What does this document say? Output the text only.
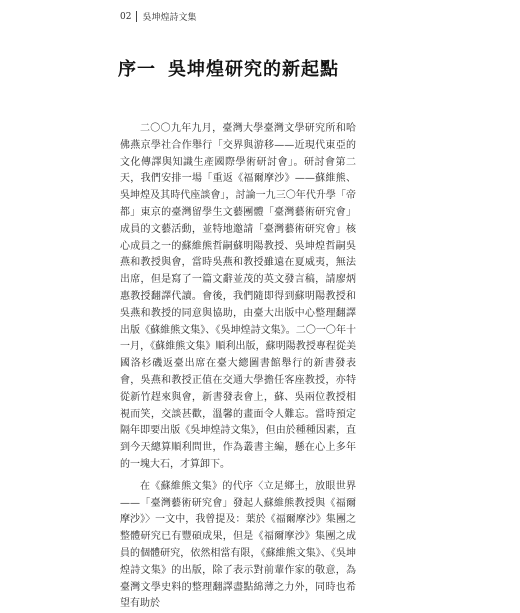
02 吳坤煌詩文集
序一 吳坤煌研究的新起點

二〇〇九年九月，臺灣大學臺灣文學研究所和哈佛燕京學社合作舉行「交界與游移——近現代東亞的文化傳譯與知識生產國際學術研討會」。研討會第二天，我們安排一場「重返《福爾摩沙》——蘇維熊、吳坤煌及其時代座談會」，討論一九三〇年代升學「帝都」東京的臺灣留學生文藝團體「臺灣藝術研究會」成員的文藝活動，並特地邀請「臺灣藝術研究會」核心成員之一的蘇維熊哲嗣蘇明陽教授、吳坤煌哲嗣吳燕和教授與會，當時吳燕和教授雖遠在夏威夷，無法出席，但是寫了一篇文辭並茂的英文發言稿，請廖炳惠教授翻譯代讀。會後，我們隨即得到蘇明陽教授和吳燕和教授的同意與協助，由臺大出版中心整理翻譯出版《蘇維熊文集》、《吳坤煌詩文集》。二〇一〇年十一月，《蘇維熊文集》順利出版，蘇明陽教授專程從美國洛杉磯返臺出席在臺大總圖書館舉行的新書發表會，吳燕和教授正值在交通大學擔任客座教授，亦特從新竹趕來與會，新書發表會上，蘇、吳兩位教授相視而笑，交談甚歡，溫馨的畫面令人難忘。當時預定隔年即要出版《吳坤煌詩文集》，但由於種種因素，直到今天總算順利問世，作為叢書主編，懸在心上多年的一塊大石，才算卸下。

在《蘇維熊文集》的代序〈立足鄉土，放眼世界——「臺灣藝術研究會」發起人蘇維熊教授與《福爾摩沙》〉一文中，我曾提及：葉於《福爾摩沙》集團之整體研究已有豐碩成果，但是《福爾摩沙》集團之成員的個體研究，依然相當有限，《蘇維熊文集》、《吳坤煌詩文集》的出版，除了表示對前輩作家的敬意，為臺灣文學史料的整理翻譯盡點綿薄之力外，同時也希望有助於
